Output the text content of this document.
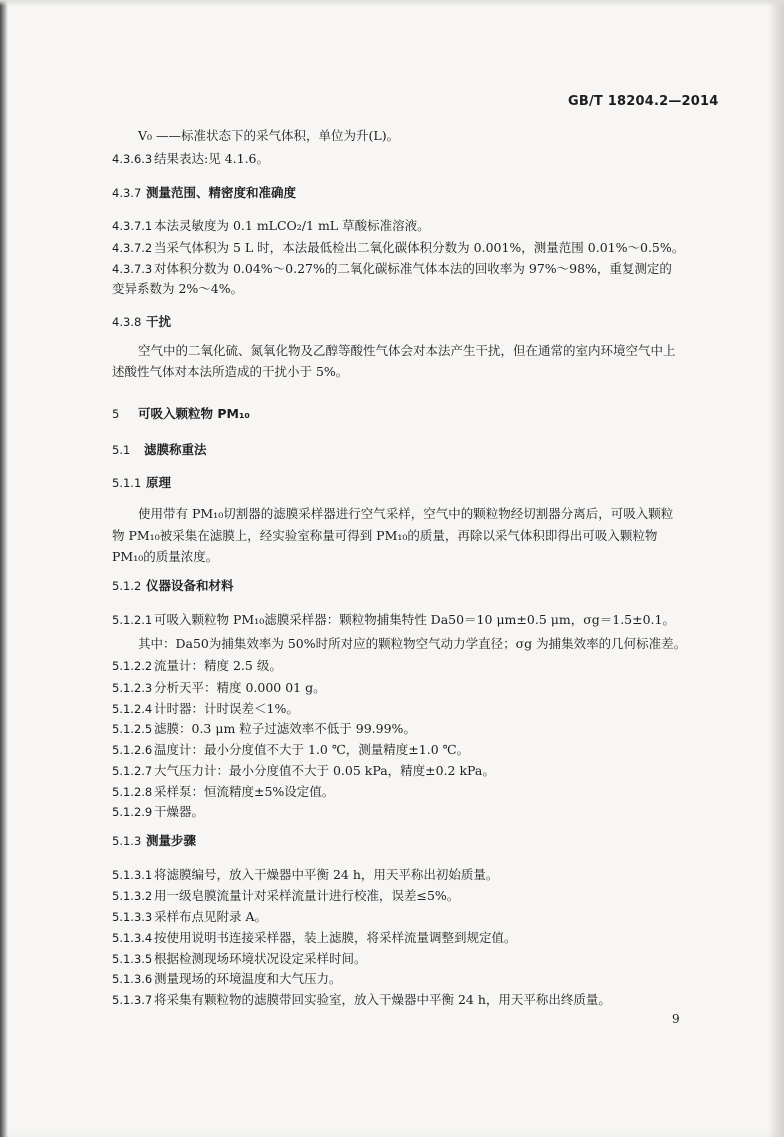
GB/T 18204.2—2014
V₀ ——标准状态下的采气体积，单位为升(L)。
4.3.6.3 结果表达:见 4.1.6。
4.3.7 测量范围、精密度和准确度
4.3.7.1 本法灵敏度为 0.1 mLCO₂/1 mL 草酸标准溶液。
4.3.7.2 当采气体积为 5 L 时，本法最低检出二氧化碳体积分数为 0.001%，测量范围 0.01%～0.5%。
4.3.7.3 对体积分数为 0.04%～0.27%的二氧化碳标准气体本法的回收率为 97%～98%，重复测定的
变异系数为 2%～4%。
4.3.8 干扰
空气中的二氧化硫、氮氧化物及乙醇等酸性气体会对本法产生干扰，但在通常的室内环境空气中上
述酸性气体对本法所造成的干扰小于 5%。
5 可吸入颗粒物 PM₁₀
5.1 滤膜称重法
5.1.1 原理
使用带有 PM₁₀切割器的滤膜采样器进行空气采样，空气中的颗粒物经切割器分离后，可吸入颗粒
物 PM₁₀被采集在滤膜上，经实验室称量可得到 PM₁₀的质量，再除以采气体积即得出可吸入颗粒物
PM₁₀的质量浓度。
5.1.2 仪器设备和材料
5.1.2.1 可吸入颗粒物 PM₁₀滤膜采样器：颗粒物捕集特性 Da50＝10 μm±0.5 μm，σg＝1.5±0.1。
其中：Da50为捕集效率为 50%时所对应的颗粒物空气动力学直径；σg 为捕集效率的几何标准差。
5.1.2.2 流量计：精度 2.5 级。
5.1.2.3 分析天平：精度 0.000 01 g。
5.1.2.4 计时器：计时误差＜1%。
5.1.2.5 滤膜：0.3 μm 粒子过滤效率不低于 99.99%。
5.1.2.6 温度计：最小分度值不大于 1.0 ℃，测量精度±1.0 ℃。
5.1.2.7 大气压力计：最小分度值不大于 0.05 kPa，精度±0.2 kPa。
5.1.2.8 采样泵：恒流精度±5%设定值。
5.1.2.9 干燥器。
5.1.3 测量步骤
5.1.3.1 将滤膜编号，放入干燥器中平衡 24 h，用天平称出初始质量。
5.1.3.2 用一级皂膜流量计对采样流量计进行校准，误差≤5%。
5.1.3.3 采样布点见附录 A。
5.1.3.4 按使用说明书连接采样器，装上滤膜，将采样流量调整到规定值。
5.1.3.5 根据检测现场环境状况设定采样时间。
5.1.3.6 测量现场的环境温度和大气压力。
5.1.3.7 将采集有颗粒物的滤膜带回实验室，放入干燥器中平衡 24 h，用天平称出终质量。
9
